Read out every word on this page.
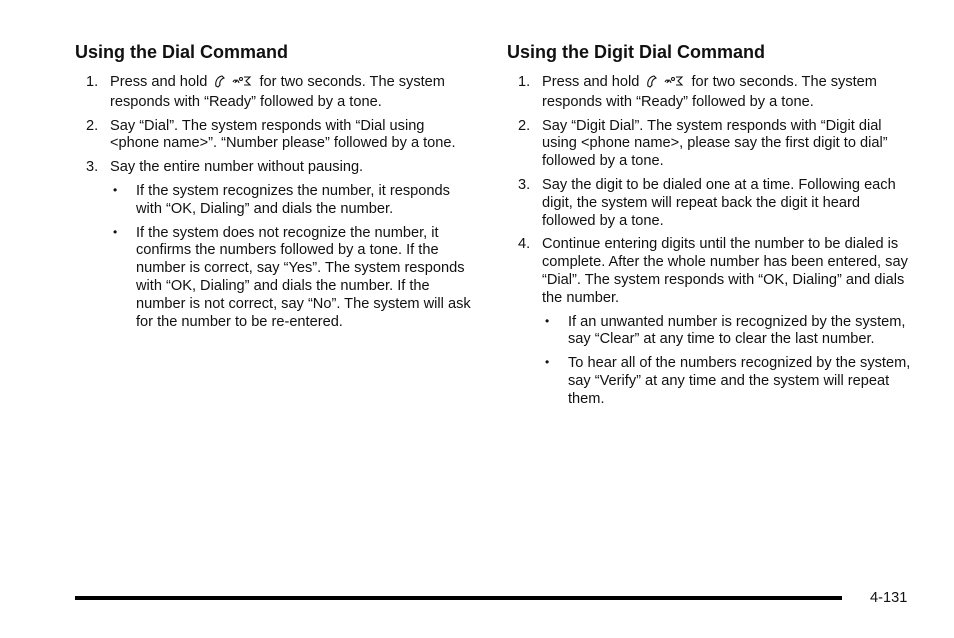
Using the Dial Command
1. Press and hold	for two seconds. The system responds with “Ready” followed by a tone.
2. Say “Dial”. The system responds with “Dial using <phone name>”. “Number please” followed by a tone.
3. Say the entire number without pausing.
• If the system recognizes the number, it responds with “OK, Dialing” and dials the number.
• If the system does not recognize the number, it confirms the numbers followed by a tone. If the number is correct, say “Yes”. The system responds with “OK, Dialing” and dials the number. If the number is not correct, say “No”. The system will ask for the number to be re-entered.
Using the Digit Dial Command
1. Press and hold	for two seconds. The system responds with “Ready” followed by a tone.
2. Say “Digit Dial”. The system responds with “Digit dial using <phone name>, please say the first digit to dial” followed by a tone.
3. Say the digit to be dialed one at a time. Following each digit, the system will repeat back the digit it heard followed by a tone.
4. Continue entering digits until the number to be dialed is complete. After the whole number has been entered, say “Dial”. The system responds with “OK, Dialing” and dials the number.
• If an unwanted number is recognized by the system, say “Clear” at any time to clear the last number.
• To hear all of the numbers recognized by the system, say “Verify” at any time and the system will repeat them.
4-131
